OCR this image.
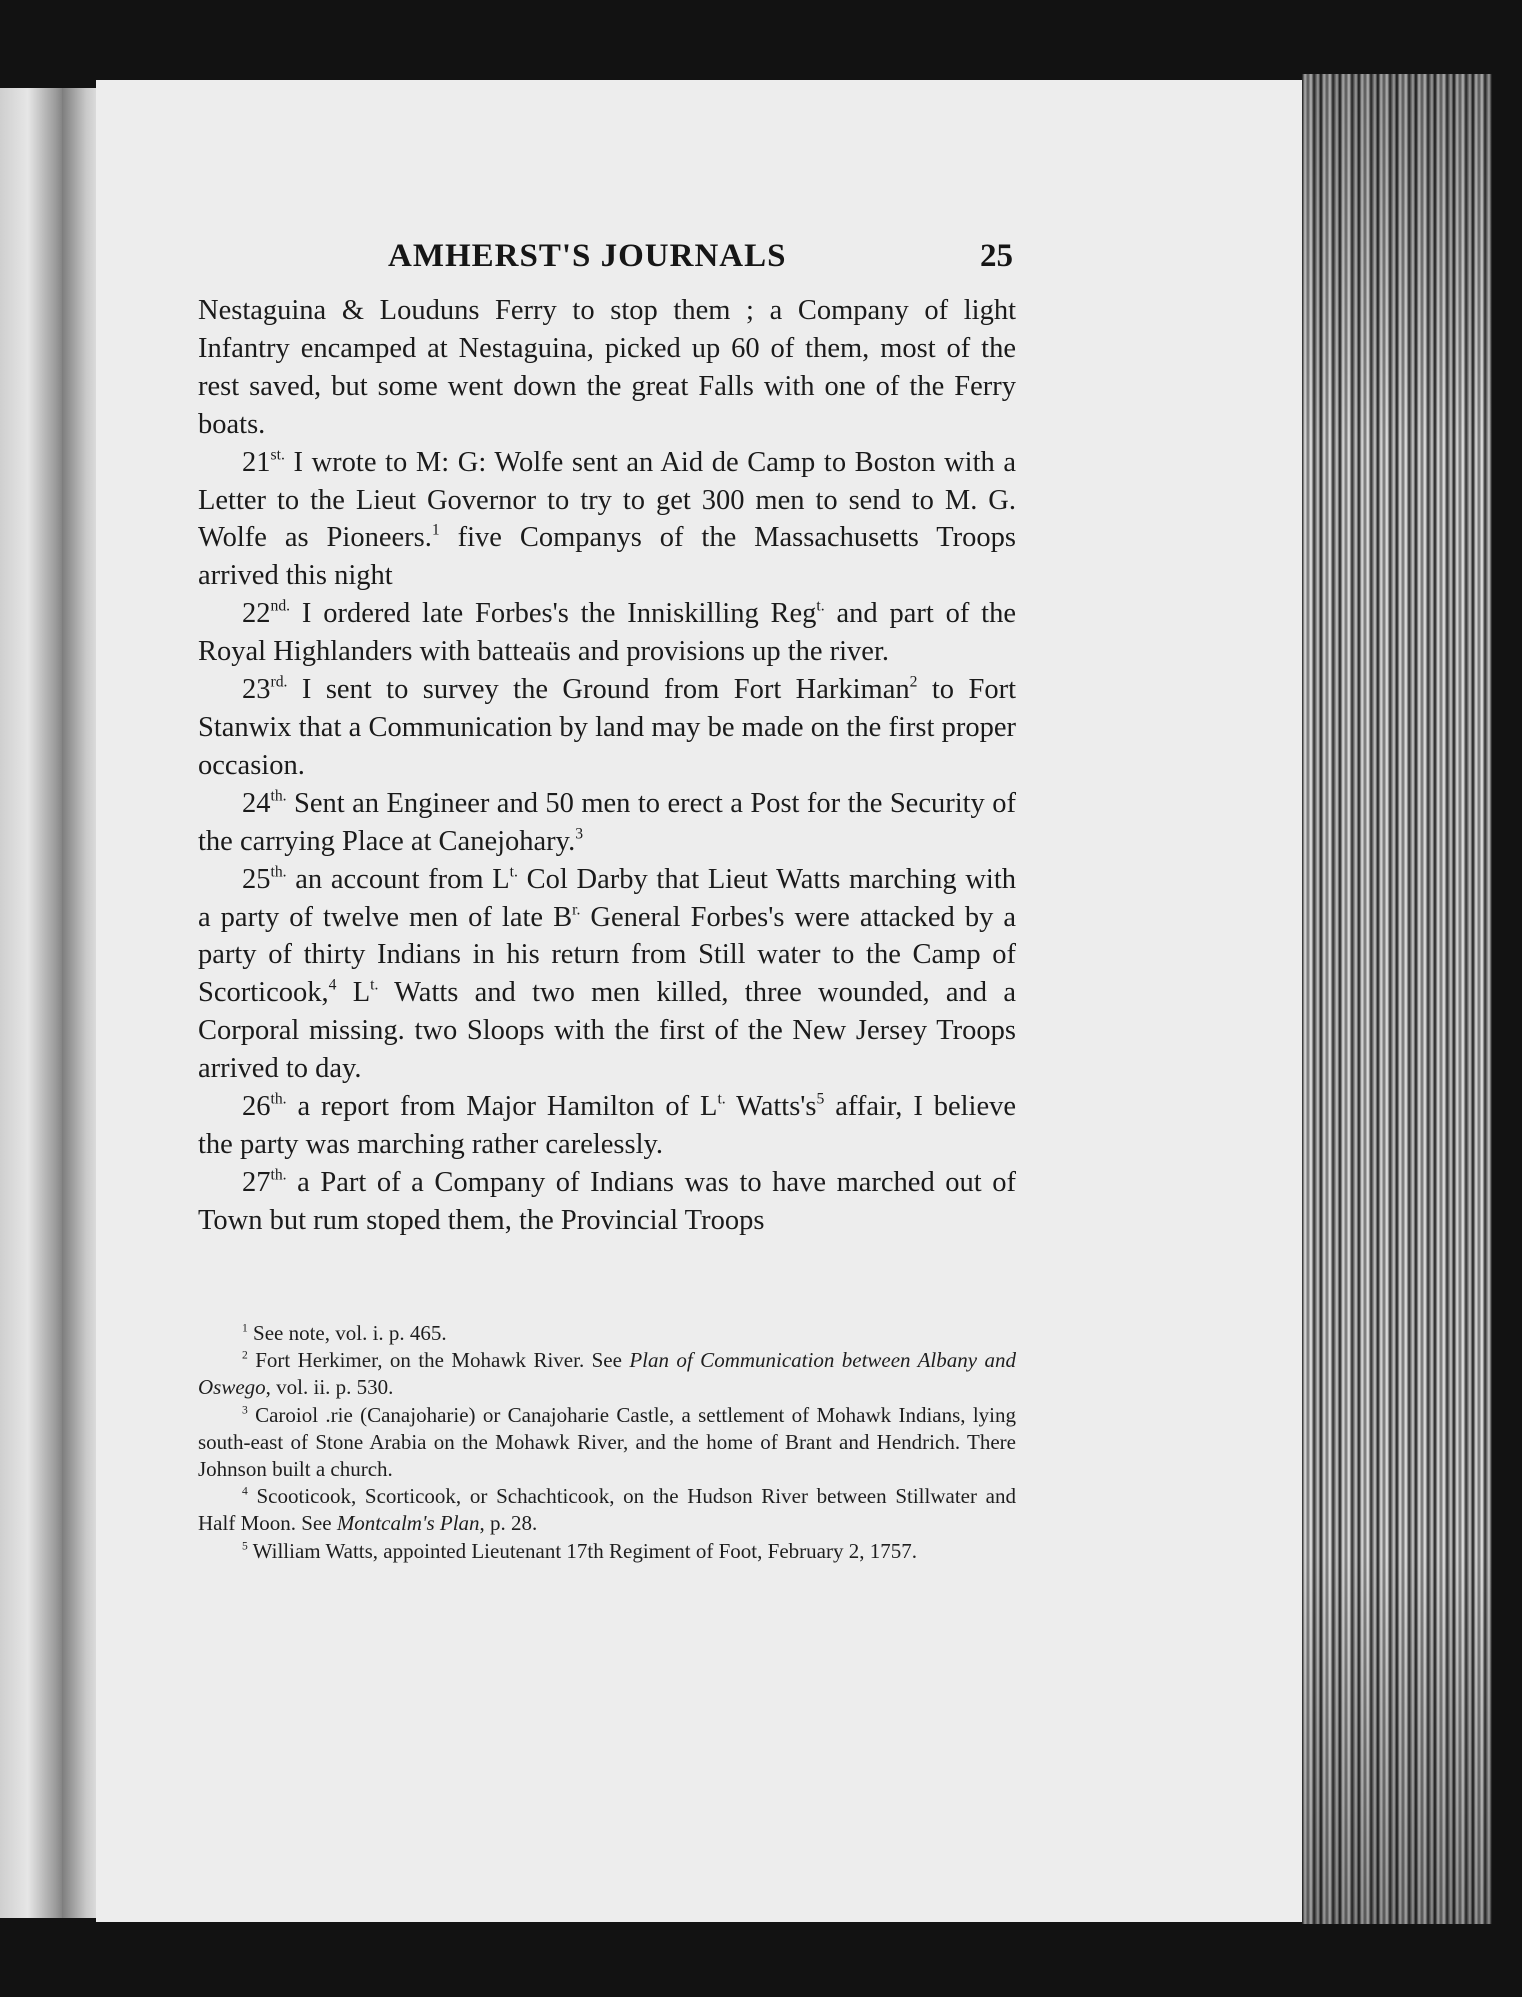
AMHERST'S JOURNALS	25

Nestaguina & Louduns Ferry to stop them ; a Company of light Infantry encamped at Nestaguina, picked up 60 of them, most of the rest saved, but some went down the great Falls with one of the Ferry boats.

$21^{st.}$ I wrote to M: G: Wolfe sent an Aid de Camp to Boston with a Letter to the Lieut Governor to try to get 300 men to send to M. G. Wolfe as Pioneers.$^1$ five Companys of the Massachusetts Troops arrived this night

$22^{nd.}$ I ordered late Forbes's the Inniskilling Reg$^{t.}$ and part of the Royal Highlanders with batteaüs and provisions up the river.

$23^{rd.}$ I sent to survey the Ground from Fort Harkiman$^2$ to Fort Stanwix that a Communication by land may be made on the first proper occasion.

$24^{th.}$ Sent an Engineer and 50 men to erect a Post for the Security of the carrying Place at Canejohary.$^3$

$25^{th.}$ an account from $L^{t.}$ Col Darby that Lieut Watts marching with a party of twelve men of late $B^{r.}$ General Forbes's were attacked by a party of thirty Indians in his return from Still water to the Camp of Scorticook,$^4$ $L^{t.}$ Watts and two men killed, three wounded, and a Corporal missing. two Sloops with the first of the New Jersey Troops arrived to day.

$26^{th.}$ a report from Major Hamilton of $L^{t.}$ $Watts's^5$ affair, I believe the party was marching rather carelessly.

$27^{th.}$ a Part of a Company of Indians was to have marched out of Town but rum stoped them, the Provincial Troops

$^1$ See note, vol. i. p. 465.

$^2$ Fort Herkimer, on the Mohawk River. See Plan of Communication between Albany and Oswego, vol. ii. p. 530.

$^3$ Caroiol .rie (Canajoharie) or Canajoharie Castle, a settlement of Mohawk Indians, lying south-east of Stone Arabia on the Mohawk River, and the home of Brant and Hendrich. There Johnson built a church.

$^4$ Scooticook, Scorticook, or Schachticook, on the Hudson River between Stillwater and Half Moon. See Montcalm's Plan, p. 28.

$^5$ William Watts, appointed Lieutenant 17th Regiment of Foot, February 2, 1757.
